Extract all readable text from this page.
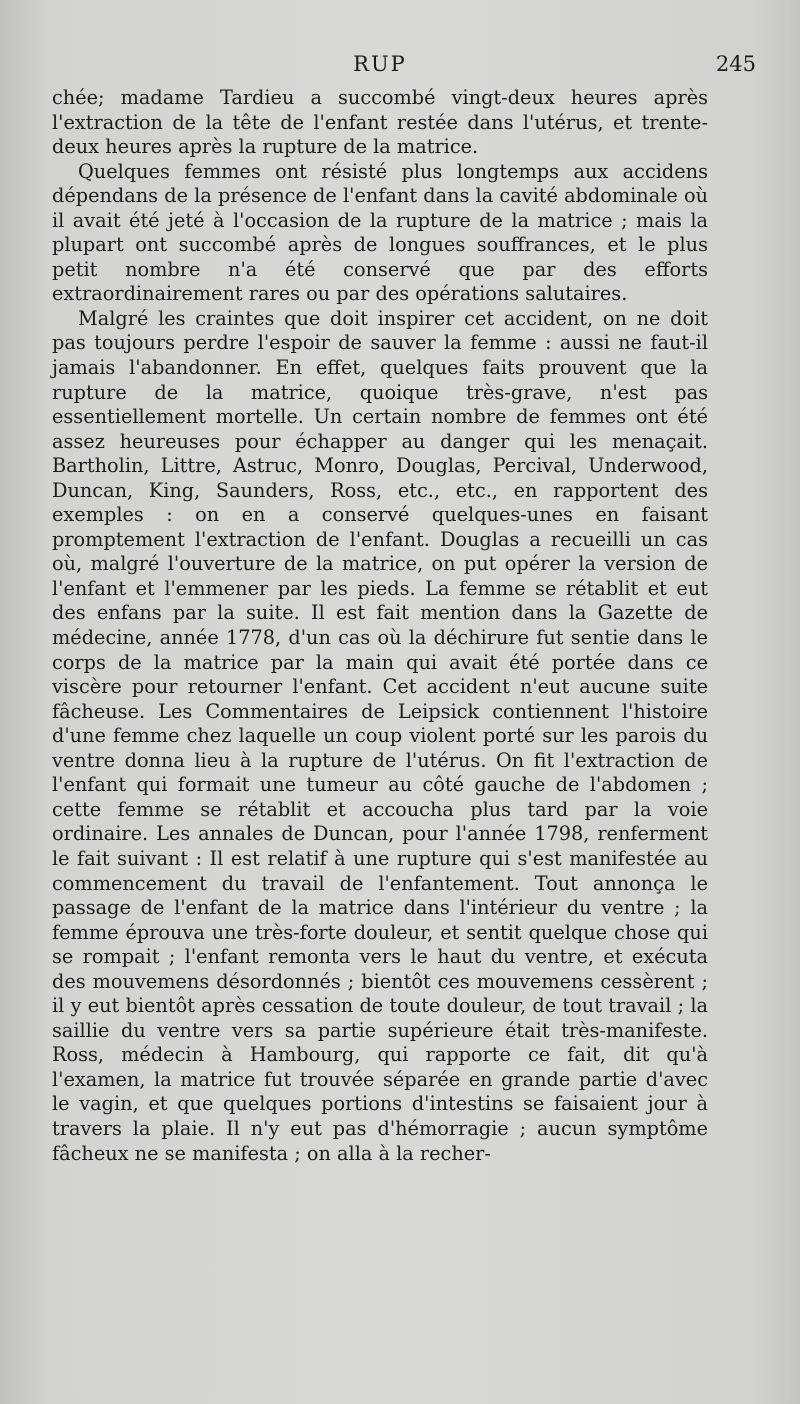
RUP	245

chée; madame Tardieu a succombé vingt-deux heures après l'extraction de la tête de l'enfant restée dans l'utérus, et trente-deux heures après la rupture de la matrice.

Quelques femmes ont résisté plus longtemps aux accidens dépendans de la présence de l'enfant dans la cavité abdominale où il avait été jeté à l'occasion de la rupture de la matrice ; mais la plupart ont succombé après de longues souffrances, et le plus petit nombre n'a été conservé que par des efforts extraordinairement rares ou par des opérations salutaires.

Malgré les craintes que doit inspirer cet accident, on ne doit pas toujours perdre l'espoir de sauver la femme : aussi ne faut-il jamais l'abandonner. En effet, quelques faits prouvent que la rupture de la matrice, quoique très-grave, n'est pas essentiellement mortelle. Un certain nombre de femmes ont été assez heureuses pour échapper au danger qui les menaçait. Bartholin, Littre, Astruc, Monro, Douglas, Percival, Underwood, Duncan, King, Saunders, Ross, etc., etc., en rapportent des exemples : on en a conservé quelques-unes en faisant promptement l'extraction de l'enfant. Douglas a recueilli un cas où, malgré l'ouverture de la matrice, on put opérer la version de l'enfant et l'emmener par les pieds. La femme se rétablit et eut des enfans par la suite. Il est fait mention dans la Gazette de médecine, année 1778, d'un cas où la déchirure fut sentie dans le corps de la matrice par la main qui avait été portée dans ce viscère pour retourner l'enfant. Cet accident n'eut aucune suite fâcheuse. Les Commentaires de Leipsick contiennent l'histoire d'une femme chez laquelle un coup violent porté sur les parois du ventre donna lieu à la rupture de l'utérus. On fit l'extraction de l'enfant qui formait une tumeur au côté gauche de l'abdomen ; cette femme se rétablit et accoucha plus tard par la voie ordinaire. Les annales de Duncan, pour l'année 1798, renferment le fait suivant : Il est relatif à une rupture qui s'est manifestée au commencement du travail de l'enfantement. Tout annonça le passage de l'enfant de la matrice dans l'intérieur du ventre ; la femme éprouva une très-forte douleur, et sentit quelque chose qui se rompait ; l'enfant remonta vers le haut du ventre, et exécuta des mouvemens désordonnés ; bientôt ces mouvemens cessèrent ; il y eut bientôt après cessation de toute douleur, de tout travail ; la saillie du ventre vers sa partie supérieure était très-manifeste. Ross, médecin à Hambourg, qui rapporte ce fait, dit qu'à l'examen, la matrice fut trouvée séparée en grande partie d'avec le vagin, et que quelques portions d'intestins se faisaient jour à travers la plaie. Il n'y eut pas d'hémorragie ; aucun symptôme fâcheux ne se manifesta ; on alla à la recher-
